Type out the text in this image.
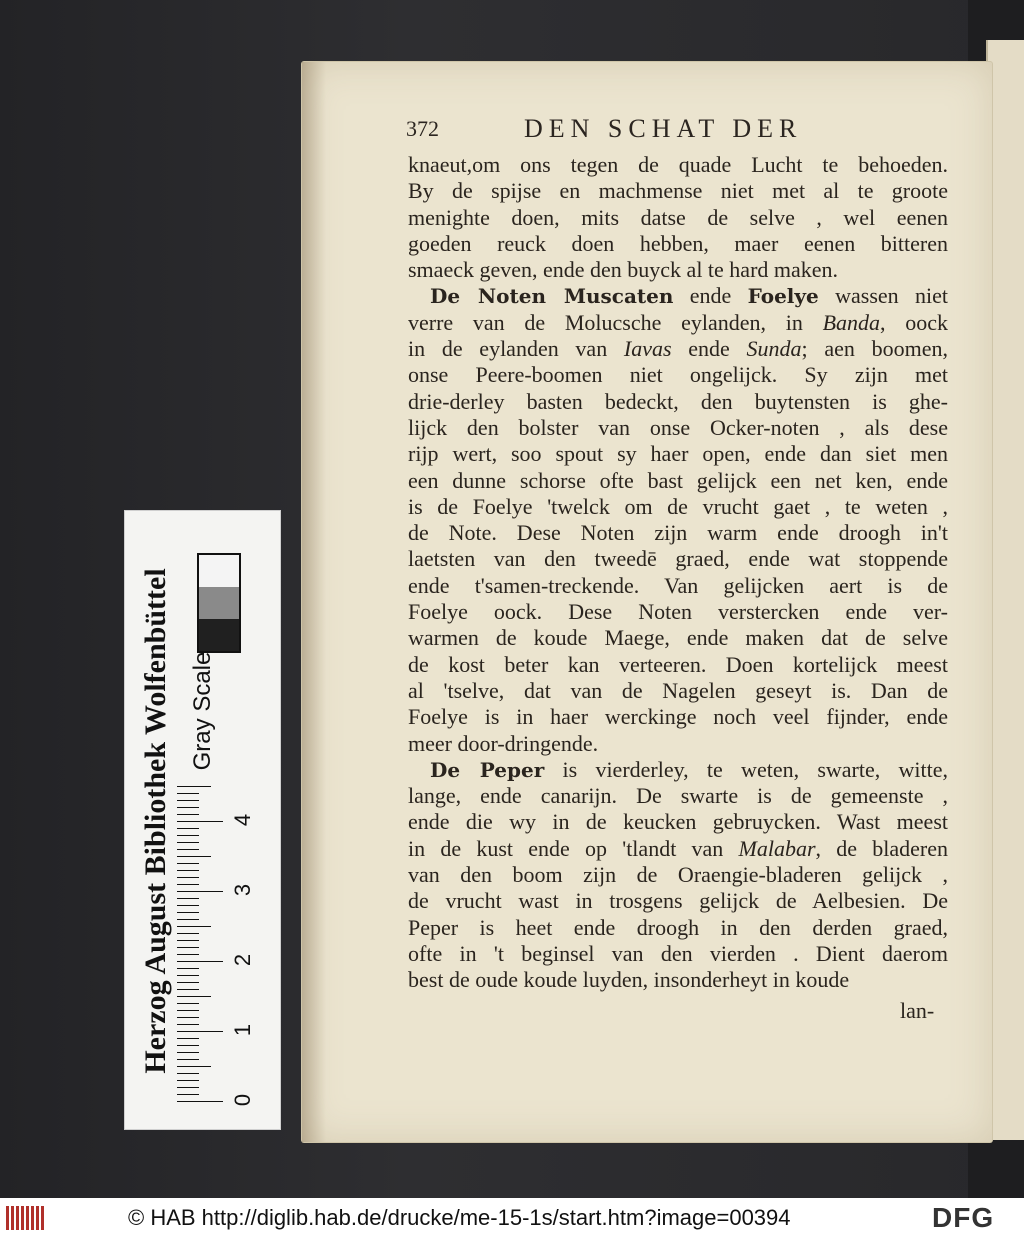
372	DEN SCHAT DER
knaeut,om ons tegen de quade Lucht te behoeden.
By de spijse en machmense niet met al te groote
menighte doen, mits datse de selve , wel eenen
goeden reuck doen hebben, maer eenen bitteren
smaeck geven, ende den buyck al te hard maken.
De Noten Muscaten ende Foelye wassen niet
verre van de Molucsche eylanden, in Banda, oock
in de eylanden van Iavas ende Sunda; aen boomen,
onse Peere-boomen niet ongelijck. Sy zijn met
drie-derley basten bedeckt, den buytensten is ghe-
lijck den bolster van onse Ocker-noten , als dese
rijp wert, soo spout sy haer open, ende dan siet men
een dunne schorse ofte bast gelijck een net ken, ende
is de Foelye 'twelck om de vrucht gaet , te weten ,
de Note. Dese Noten zijn warm ende droogh in't
laetsten van den tweedē graed, ende wat stoppende
ende t'samen-treckende. Van gelijcken aert is de
Foelye oock. Dese Noten verstercken ende ver-
warmen de koude Maege, ende maken dat de selve
de kost beter kan verteeren. Doen kortelijck meest
al 'tselve, dat van de Nagelen geseyt is. Dan de
Foelye is in haer werckinge noch veel fijnder, ende
meer door-dringende.
De Peper is vierderley, te weten, swarte, witte,
lange, ende canarijn. De swarte is de gemeenste ,
ende die wy in de keucken gebruycken. Wast meest
in de kust ende op 'tlandt van Malabar, de bladeren
van den boom zijn de Oraengie-bladeren gelijck ,
de vrucht wast in trosgens gelijck de Aelbesien. De
Peper is heet ende droogh in den derden graed,
ofte in 't beginsel van den vierden . Dient daerom
best de oude koude luyden, insonderheyt in koude
lan-
Herzog August Bibliothek Wolfenbüttel Gray Scale
4
3
2
1
0
© HAB http://diglib.hab.de/drucke/me-15-1s/start.htm?image=00394	DFG
